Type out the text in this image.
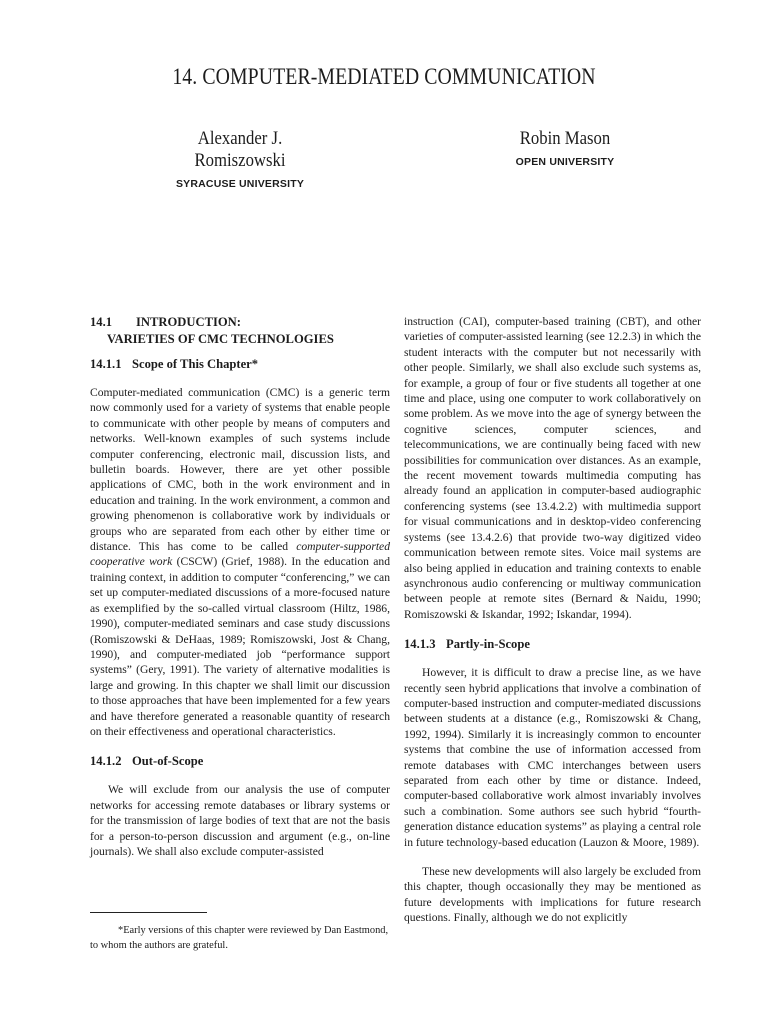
14. COMPUTER-MEDIATED COMMUNICATION
Alexander J. Romiszowski
SYRACUSE UNIVERSITY
Robin Mason
OPEN UNIVERSITY
14.1 INTRODUCTION:
VARIETIES OF CMC TECHNOLOGIES
14.1.1 Scope of This Chapter*

Computer-mediated communication (CMC) is a generic term now commonly used for a variety of systems that enable people to communicate with other people by means of computers and networks. Well-known examples of such systems include computer conferencing, electronic mail, discussion lists, and bulletin boards. However, there are yet other possible applications of CMC, both in the work environment and in education and training. In the work environment, a common and growing phenomenon is collaborative work by individuals or groups who are separated from each other by either time or distance. This has come to be called computer-supported cooperative work (CSCW) (Grief, 1988). In the education and training context, in addition to computer “conferencing,” we can set up computer-mediated discussions of a more-focused nature as exemplified by the so-called virtual classroom (Hiltz, 1986, 1990), computer-mediated seminars and case study discussions (Romiszowski & DeHaas, 1989; Romiszowski, Jost & Chang, 1990), and computer-mediated job “performance support systems” (Gery, 1991). The variety of alternative modalities is large and growing. In this chapter we shall limit our discussion to those approaches that have been implemented for a few years and have therefore generated a reasonable quantity of research on their effectiveness and operational characteristics.

14.1.2 Out-of-Scope

We will exclude from our analysis the use of computer networks for accessing remote databases or library systems or for the transmission of large bodies of text that are not the basis for a person-to-person discussion and argument (e.g., on-line journals). We shall also exclude computer-assisted

*Early versions of this chapter were reviewed by Dan Eastmond, to whom the authors are grateful.

instruction (CAI), computer-based training (CBT), and other varieties of computer-assisted learning (see 12.2.3) in which the student interacts with the computer but not necessarily with other people. Similarly, we shall also exclude such systems as, for example, a group of four or five students all together at one time and place, using one computer to work collaboratively on some problem. As we move into the age of synergy between the cognitive sciences, computer sciences, and telecommunications, we are continually being faced with new possibilities for communication over distances. As an example, the recent movement towards multimedia computing has already found an application in computer-based audiographic conferencing systems (see 13.4.2.2) with multimedia support for visual communications and in desktop-video conferencing systems (see 13.4.2.6) that provide two-way digitized video communication between remote sites. Voice mail systems are also being applied in education and training contexts to enable asynchronous audio conferencing or multiway communication between people at remote sites (Bernard & Naidu, 1990; Romiszowski & Iskandar, 1992; Iskandar, 1994).

14.1.3 Partly-in-Scope

However, it is difficult to draw a precise line, as we have recently seen hybrid applications that involve a combination of computer-based instruction and computer-mediated discussions between students at a distance (e.g., Romiszowski & Chang, 1992, 1994). Similarly it is increasingly common to encounter systems that combine the use of information accessed from remote databases with CMC interchanges between users separated from each other by time or distance. Indeed, computer-based collaborative work almost invariably involves such a combination. Some authors see such hybrid “fourth-generation distance education systems” as playing a central role in future technology-based education (Lauzon & Moore, 1989).

These new developments will also largely be excluded from this chapter, though occasionally they may be mentioned as future developments with implications for future research questions. Finally, although we do not explicitly
